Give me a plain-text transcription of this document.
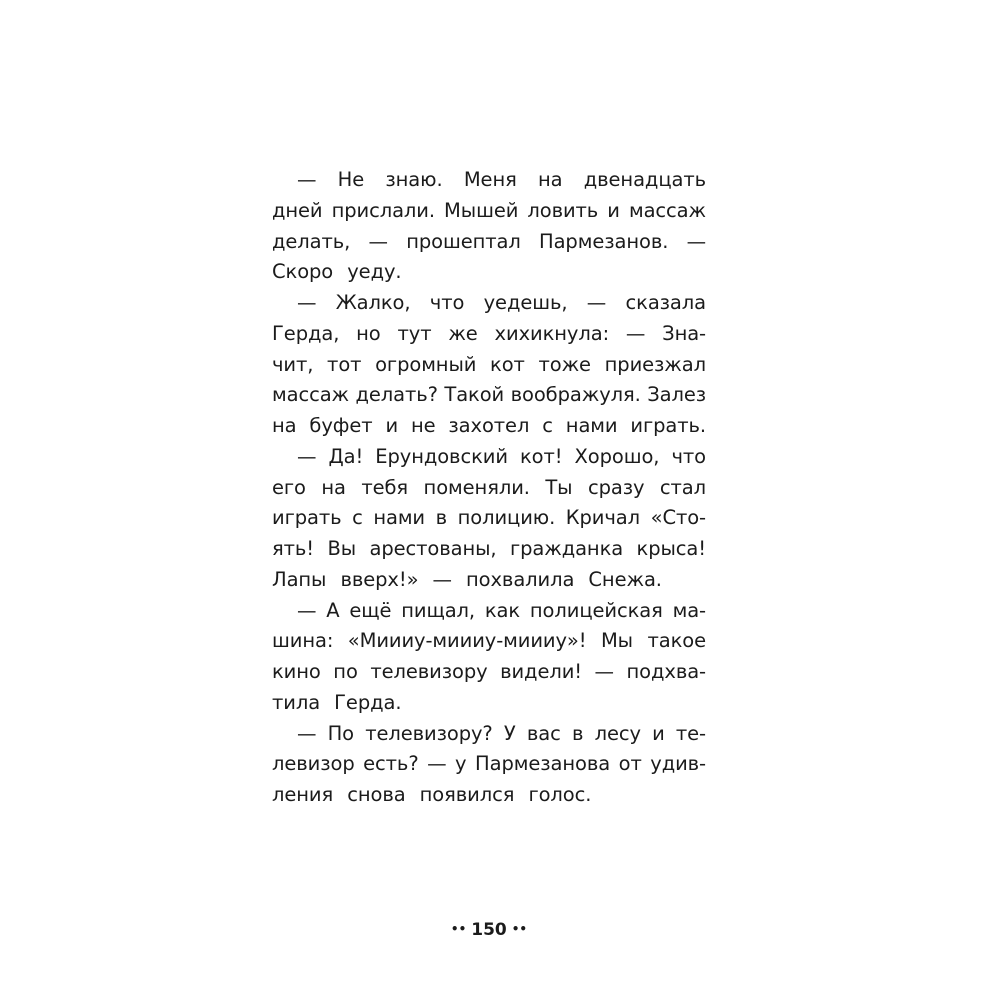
— Не знаю. Меня на двенадцать
дней прислали. Мышей ловить и массаж
делать, — прошептал Пармезанов. —
Скоро уеду.
— Жалко, что уедешь, — сказала
Герда, но тут же хихикнула: — Зна-
чит, тот огромный кот тоже приезжал
массаж делать? Такой воображуля. Залез
на буфет и не захотел с нами играть.
— Да! Ерундовский кот! Хорошо, что
его на тебя поменяли. Ты сразу стал
играть с нами в полицию. Кричал «Сто-
ять! Вы арестованы, гражданка крыса!
Лапы вверх!» — похвалила Снежа.
— А ещё пищал, как полицейская ма-
шина: «Миииу-миииу-миииу»! Мы такое
кино по телевизору видели! — подхва-
тила Герда.
— По телевизору? У вас в лесу и те-
левизор есть? — у Пармезанова от удив-
ления снова появился голос.
•• 150 ••
